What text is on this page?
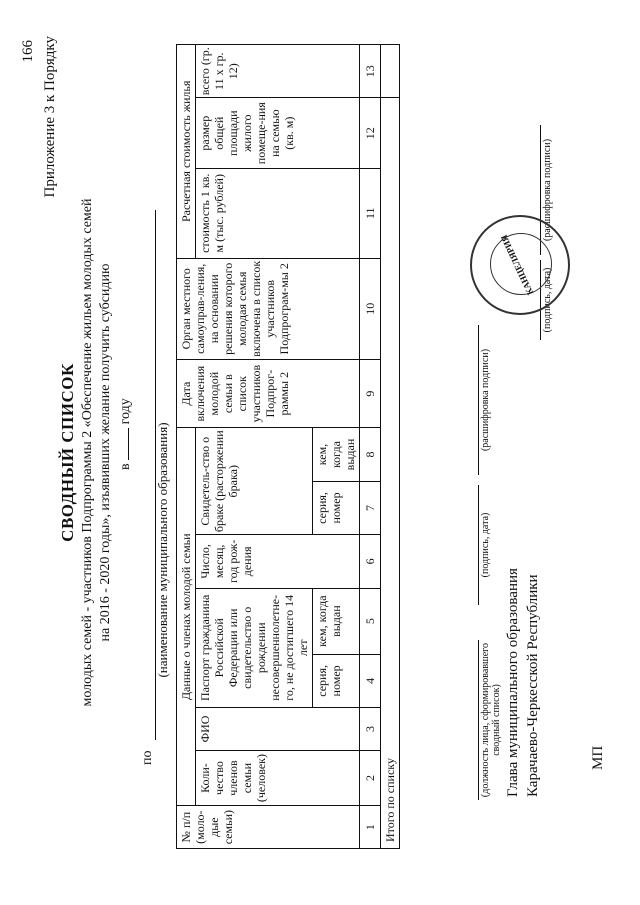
166 Приложение 3 к Порядку
СВОДНЫЙ СПИСОК молодых семей - участников Подпрограммы 2 «Обеспечение жильем молодых семей на 2016 - 2020 годы», изъявивших желание получить субсидию в  году
по
(наименование муниципального образования)
№ п/п (моло-дые семьи)	Данные о членах молодой семьи							Дата включения молодой семьи в список участников Подпрог-раммы 2	Орган местного самоуправ-ления, на основании решения которого молодая семья включена в список участников Подпрограм-мы 2	Расчетная стоимость жилья		
	Коли-чество членов семьи (человек)	ФИО	Паспорт гражданина Российской Федерации или свидетельство о рождении несовершеннолетне-го, не достигшего 14 лет		Число, месяц, год рож-дения	Свидетель-ство о браке (расторжении брака)				стоимость 1 кв. м (тыс. рублей)	размер общей площади жилого помеще-ния на семью (кв. м)	всего (гр. 11 х гр. 12)
			серия, номер	кем, когда выдан		серия, номер	кем, когда выдан					
1	2	3	4	5	6	7	8	9	10	11	12	13
Итого по списку												
(должность лица, сформировавшего сводный список)
(подпись, дата)
(расшифровка подписи)
Глава муниципального образования Карачаево-Черкесской Республики
(подпись, дата)
(расшифровка подписи)
МП
КАНЦЕЛЯРИЯ
